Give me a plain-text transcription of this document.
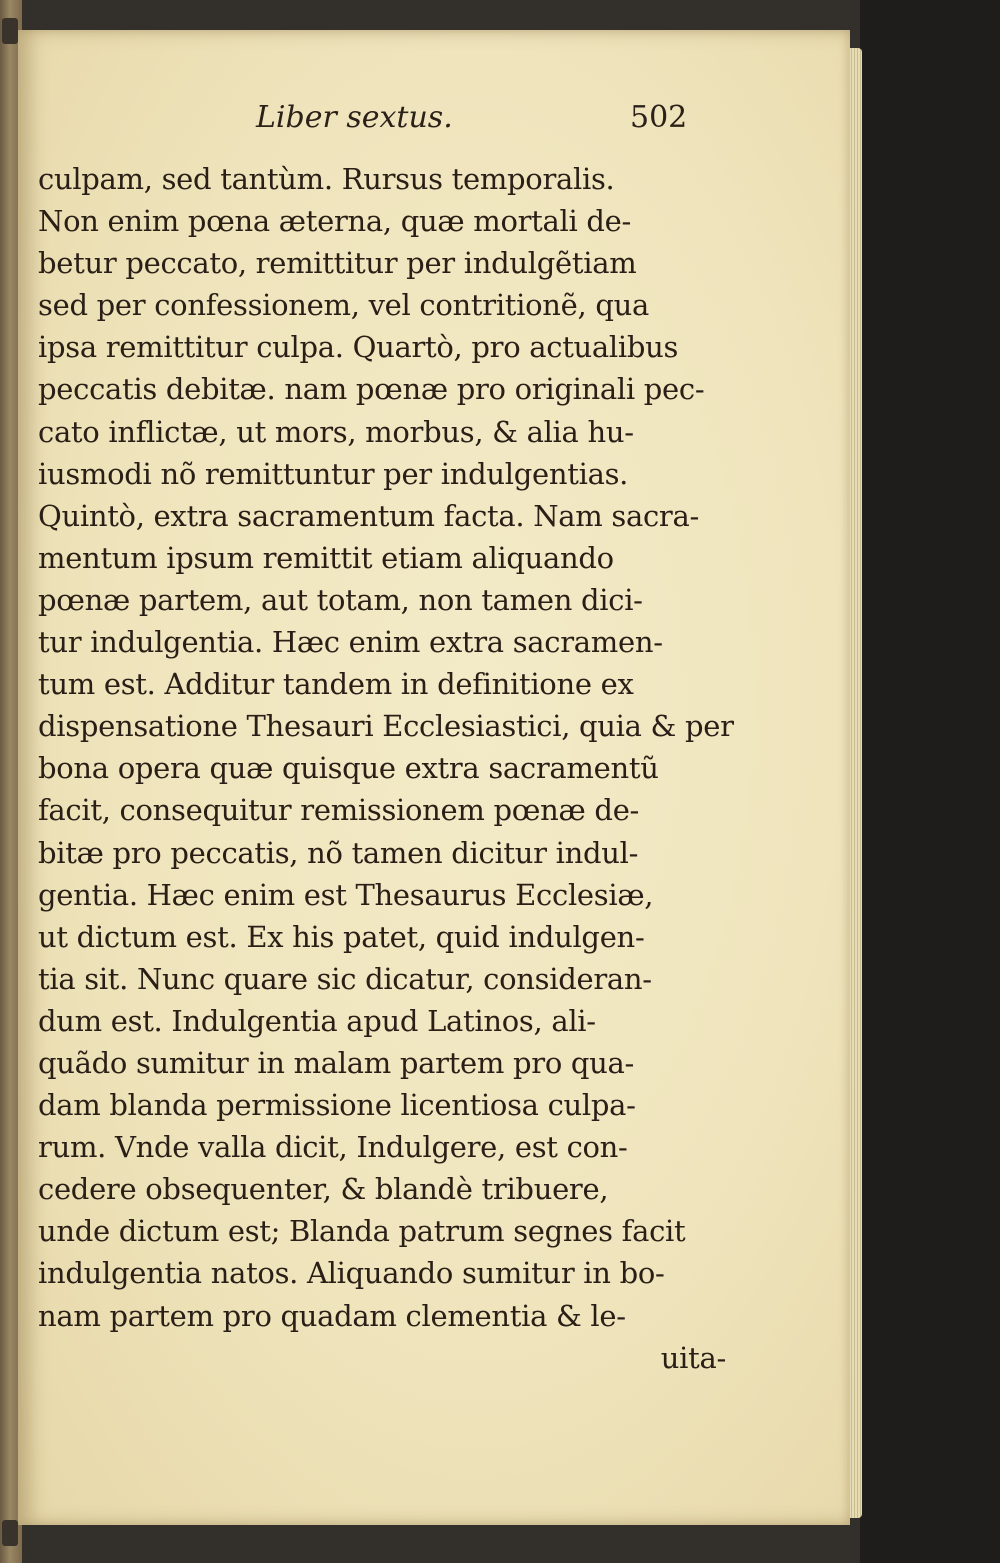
Liber sextus.	502
culpam, sed tantùm. Rursus temporalis.
Non enim pœna æterna, quæ mortali de-
betur peccato, remittitur per indulgẽtiam
sed per confessionem, vel contritionẽ, qua
ipsa remittitur culpa. Quartò, pro actualibus
peccatis debitæ. nam pœnæ pro originali pec-
cato inflictæ, ut mors, morbus, & alia hu-
iusmodi nõ remittuntur per indulgentias.
Quintò, extra sacramentum facta. Nam sacra-
mentum ipsum remittit etiam aliquando
pœnæ partem, aut totam, non tamen dici-
tur indulgentia. Hæc enim extra sacramen-
tum est. Additur tandem in definitione ex
dispensatione Thesauri Ecclesiastici, quia & per
bona opera quæ quisque extra sacramentũ
facit, consequitur remissionem pœnæ de-
bitæ pro peccatis, nõ tamen dicitur indul-
gentia. Hæc enim est Thesaurus Ecclesiæ,
ut dictum est. Ex his patet, quid indulgen-
tia sit. Nunc quare sic dicatur, consideran-
dum est. Indulgentia apud Latinos, ali-
quãdo sumitur in malam partem pro qua-
dam blanda permissione licentiosa culpa-
rum. Vnde valla dicit, Indulgere, est con-
cedere obsequenter, & blandè tribuere,
unde dictum est; Blanda patrum segnes facit
indulgentia natos. Aliquando sumitur in bo-
nam partem pro quadam clementia & le-
uita-
